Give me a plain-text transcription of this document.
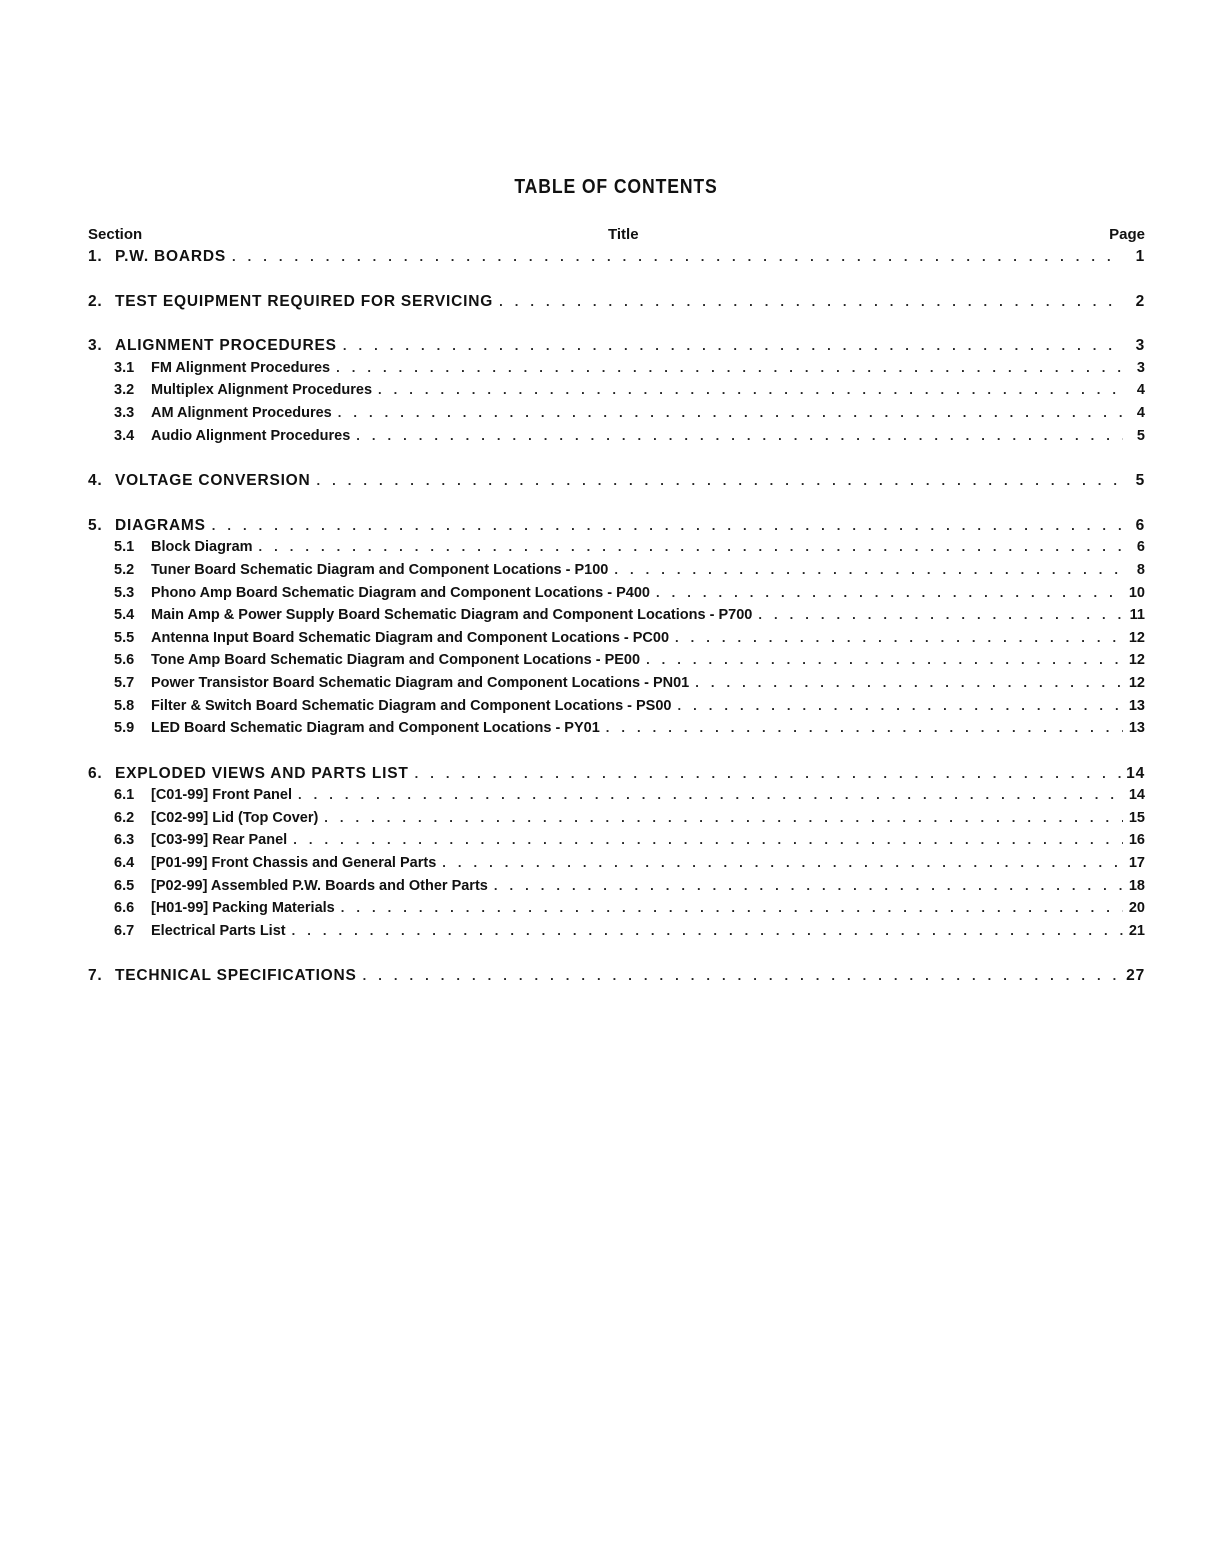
TABLE OF CONTENTS
Section	Title	Page
1. P.W. BOARDS . . .	1
2. TEST EQUIPMENT REQUIRED FOR SERVICING . . .	2
3. ALIGNMENT PROCEDURES . . .	3
3.1	FM Alignment Procedures . . .	3
3.2	Multiplex Alignment Procedures . . .	4
3.3	AM Alignment Procedures . . .	4
3.4	Audio Alignment Procedures . . .	5
4. VOLTAGE CONVERSION . . .	5
5. DIAGRAMS . . .	6
5.1	Block Diagram . . .	6
5.2	Tuner Board Schematic Diagram and Component Locations - P100 . . .	8
5.3	Phono Amp Board Schematic Diagram and Component Locations - P400 . . .	10
5.4	Main Amp & Power Supply Board Schematic Diagram and Component Locations - P700 . . .	11
5.5	Antenna Input Board Schematic Diagram and Component Locations - PC00 . . .	12
5.6	Tone Amp Board Schematic Diagram and Component Locations - PE00 . . .	12
5.7	Power Transistor Board Schematic Diagram and Component Locations - PN01 . . .	12
5.8	Filter & Switch Board Schematic Diagram and Component Locations - PS00 . . .	13
5.9	LED Board Schematic Diagram and Component Locations - PY01 . . .	13
6. EXPLODED VIEWS AND PARTS LIST . . .	14
6.1	[C01-99] Front Panel . . .	14
6.2	[C02-99] Lid (Top Cover) . . .	15
6.3	[C03-99] Rear Panel . . .	16
6.4	[P01-99] Front Chassis and General Parts . . .	17
6.5	[P02-99] Assembled P.W. Boards and Other Parts . . .	18
6.6	[H01-99] Packing Materials . . .	20
6.7	Electrical Parts List . . .	21
7. TECHNICAL SPECIFICATIONS . . .	27
